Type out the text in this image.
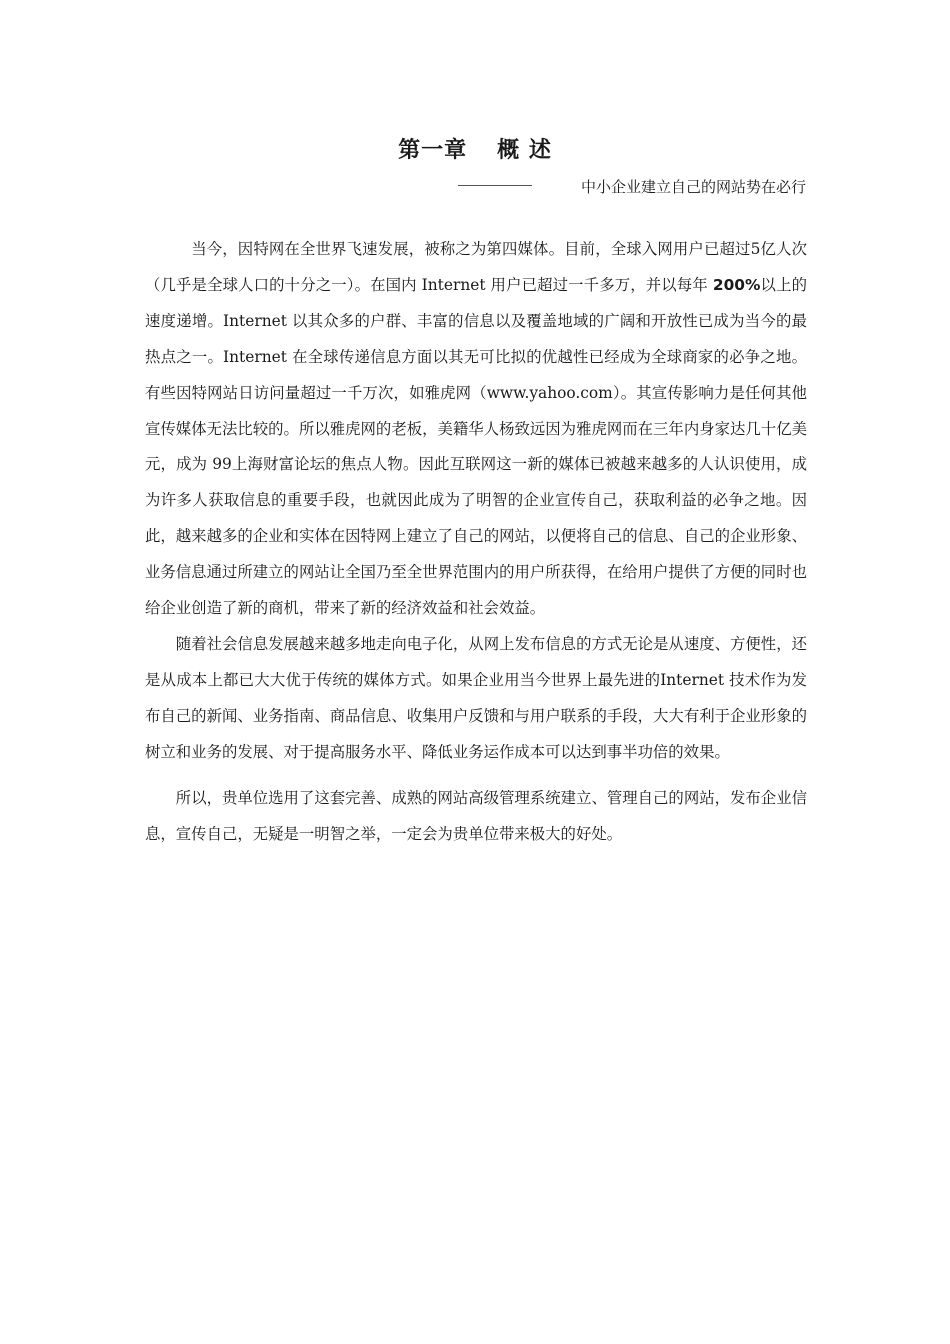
第一章 概 述
中小企业建立自己的网站势在必行

当今，因特网在全世界飞速发展，被称之为第四媒体。目前，全球入网用户已超过5亿人次（几乎是全球人口的十分之一）。在国内 Internet 用户已超过一千多万，并以每年 200%以上的速度递增。Internet 以其众多的户群、丰富的信息以及覆盖地域的广阔和开放性已成为当今的最热点之一。Internet 在全球传递信息方面以其无可比拟的优越性已经成为全球商家的必争之地。有些因特网站日访问量超过一千万次，如雅虎网（www.yahoo.com）。其宣传影响力是任何其他宣传媒体无法比较的。所以雅虎网的老板，美籍华人杨致远因为雅虎网而在三年内身家达几十亿美元，成为 99上海财富论坛的焦点人物。因此互联网这一新的媒体已被越来越多的人认识使用，成为许多人获取信息的重要手段，也就因此成为了明智的企业宣传自己，获取利益的必争之地。因此，越来越多的企业和实体在因特网上建立了自己的网站，以便将自己的信息、自己的企业形象、业务信息通过所建立的网站让全国乃至全世界范围内的用户所获得，在给用户提供了方便的同时也给企业创造了新的商机，带来了新的经济效益和社会效益。

随着社会信息发展越来越多地走向电子化，从网上发布信息的方式无论是从速度、方便性，还是从成本上都已大大优于传统的媒体方式。如果企业用当今世界上最先进的Internet 技术作为发布自己的新闻、业务指南、商品信息、收集用户反馈和与用户联系的手段，大大有利于企业形象的树立和业务的发展、对于提高服务水平、降低业务运作成本可以达到事半功倍的效果。

所以，贵单位选用了这套完善、成熟的网站高级管理系统建立、管理自己的网站，发布企业信息，宣传自己，无疑是一明智之举，一定会为贵单位带来极大的好处。
